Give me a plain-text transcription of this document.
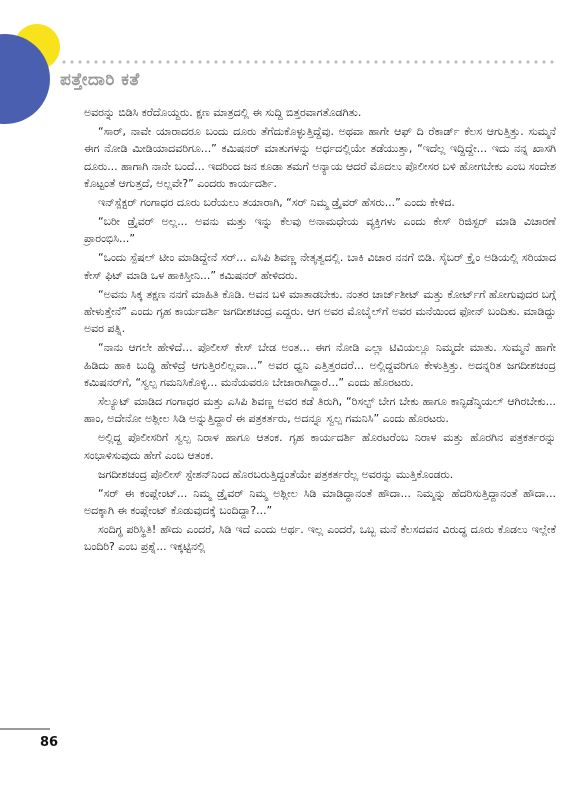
ಪತ್ತೇದಾರಿ ಕತೆ

ಅವರನ್ನು ಬಿಡಿಸಿ ಕರೆದೊಯ್ದರು. ಕ್ಷಣ ಮಾತ್ರದಲ್ಲಿ ಈ ಸುದ್ದಿ ಬಿತ್ತರವಾಗತೊಡಗಿತು.

“ಸಾರ್, ನಾವೇ ಯಾರಾದರೂ ಬಂದು ದೂರು ತೆಗೆದುಕೊಳ್ಳುತ್ತಿದ್ದೆವು. ಅಥವಾ ಹಾಗೇ ಆಫ್ ದಿ ರೆಕಾರ್ಡ್ ಕೆಲಸ ಆಗುತ್ತಿತ್ತು. ಸುಮ್ಮನೆ ಈಗ ನೋಡಿ ಮೀಡಿಯಾದವರಿಗೂ...” ಕಮಿಷನರ್ ಮಾತುಗಳನ್ನು ಅರ್ಧದಲ್ಲಿಯೇ ತಡೆಯುತ್ತಾ, “ಇದೆಲ್ಲ ಇದ್ದಿದ್ದೇ... ಇದು ನನ್ನ ಖಾಸಗಿ ದೂರು... ಹಾಗಾಗಿ ನಾನೇ ಬಂದೆ... ಇದರಿಂದ ಜನ ಕೂಡಾ ತಮಗೆ ಅನ್ಯಾಯ ಆದರೆ ಮೊದಲು ಪೊಲೀಸರ ಬಳಿ ಹೋಗಬೇಕು ಎಂಬ ಸಂದೇಶ ಕೊಟ್ಟಂತೆ ಆಗುತ್ತದೆ, ಅಲ್ಲವೇ?” ಎಂದರು ಕಾರ್ಯದರ್ಶಿ.

ಇನ್‌ಸ್ಪೆಕ್ಟರ್ ಗಂಗಾಧರ ದೂರು ಬರೆಯಲು ತಯಾರಾಗಿ, “ಸರ್ ನಿಮ್ಮ ಡ್ರೈವರ್ ಹೆಸರು...” ಎಂದು ಕೇಳಿದ.

“ಬರೀ ಡ್ರೈವರ್ ಅಲ್ಲ... ಅವನು ಮತ್ತು ಇನ್ನು ಕೆಲವು ಅನಾಮಧೇಯ ವ್ಯಕ್ತಿಗಳು ಎಂದು ಕೇಸ್ ರಿಜಿಸ್ಟರ್ ಮಾಡಿ ವಿಚಾರಣೆ ಪ್ರಾರಂಭಿಸಿ...”

“ಒಂದು ಸ್ಪೆಷಲ್ ಟೀಂ ಮಾಡಿದ್ದೇನೆ ಸರ್... ಎಸಿಪಿ ಶಿವಣ್ಣ ನೇತೃತ್ವದಲ್ಲಿ. ಬಾಕಿ ವಿಚಾರ ನನಗೆ ಬಿಡಿ. ಸೈಬರ್ ಕ್ರೈಂ ಅಡಿಯಲ್ಲಿ ಸರಿಯಾದ ಕೇಸ್ ಫಿಟ್ ಮಾಡಿ ಒಳ ಹಾಕಿಸ್ತೀನಿ...” ಕಮಿಷನರ್ ಹೇಳಿದರು.

“ಅವನು ಸಿಕ್ಕ ತಕ್ಷಣ ನನಗೆ ಮಾಹಿತಿ ಕೊಡಿ. ಅವನ ಬಳಿ ಮಾತಾಡಬೇಕು. ನಂತರ ಚಾರ್ಜ್‌ಶೀಟ್ ಮತ್ತು ಕೋರ್ಟ್‌ಗೆ ಹೋಗುವುದರ ಬಗ್ಗೆ ಹೇಳುತ್ತೇನೆ” ಎಂದು ಗೃಹ ಕಾರ್ಯದರ್ಶಿ ಜಗದೀಶಚಂದ್ರ ಎದ್ದರು. ಆಗ ಅವರ ಮೊಬೈಲ್‌ಗೆ ಅವರ ಮನೆಯಿಂದ ಫೋನ್ ಬಂದಿತು. ಮಾಡಿದ್ದು ಅವರ ಪತ್ನಿ.

“ನಾನು ಆಗಲೇ ಹೇಳಿದೆ... ಪೊಲೀಸ್ ಕೇಸ್ ಬೇಡ ಅಂತ... ಈಗ ನೋಡಿ ಎಲ್ಲಾ ಟಿವಿಯಲ್ಲೂ ನಿಮ್ಮದೇ ಮಾತು. ಸುಮ್ಮನೆ ಹಾಗೇ ಹಿಡಿದು ಹಾಕಿ ಬುದ್ಧಿ ಹೇಳಿದ್ರೆ ಆಗುತ್ತಿರಲಿಲ್ಲವಾ...” ಅವರ ಧ್ವನಿ ಎತ್ತಿತ್ತರದರೆ... ಅಲ್ಲಿದ್ದವರಿಗೂ ಕೇಳುತ್ತಿತ್ತು. ಅದನ್ನರಿತ ಜಗದೀಶಚಂದ್ರ ಕಮಿಷನರ್‌ಗೆ, “ಸ್ವಲ್ಪ ಗಮನಿಸಿಕೊಳ್ಳಿ... ಮನೆಯವರೂ ಬೇಜಾರಾಗಿದ್ದಾರೆ...” ಎಂದು ಹೊರಟರು.

ಸೆಲ್ಯೂಟ್ ಮಾಡಿದ ಗಂಗಾಧರ ಮತ್ತು ಎಸಿಪಿ ಶಿವಣ್ಣ ಅವರ ಕಡೆ ತಿರುಗಿ, “ರಿಸಲ್ಟ್ ಬೇಗ ಬೇಕು ಹಾಗೂ ಕಾನ್ಫಿಡೆನ್ಶಿಯಲ್ ಆಗಿರಬೇಕು... ಹಾಂ, ಅದೇನೋ ಅಶ್ಲೀಲ ಸಿಡಿ ಅನ್ನುತ್ತಿದ್ದಾರೆ ಈ ಪತ್ರಕರ್ತರು, ಅದನ್ನೂ ಸ್ವಲ್ಪ ಗಮನಿಸಿ” ಎಂದು ಹೊರಟರು.

ಅಲ್ಲಿದ್ದ ಪೊಲೀಸರಿಗೆ ಸ್ವಲ್ಪ ನಿರಾಳ ಹಾಗೂ ಆತಂಕ. ಗೃಹ ಕಾರ್ಯದರ್ಶಿ ಹೊರಟರೆಂಬ ನಿರಾಳ ಮತ್ತು ಹೊರಗಿನ ಪತ್ರಕರ್ತರನ್ನು ಸಂಭಾಳಿಸುವುದು ಹೇಗೆ ಎಂಬ ಆತಂಕ.

ಜಗದೀಶಚಂದ್ರ ಪೊಲೀಸ್ ಸ್ಟೇಶನ್‌ನಿಂದ ಹೊರಬರುತ್ತಿದ್ದಂತೆಯೇ ಪತ್ರಕರ್ತರೆಲ್ಲ ಅವರನ್ನು ಮುತ್ತಿಕೊಂಡರು.

“ಸರ್ ಈ ಕಂಪ್ಲೇಂಟ್... ನಿಮ್ಮ ಡ್ರೈವರ್ ನಿಮ್ಮ ಅಶ್ಲೀಲ ಸಿಡಿ ಮಾಡಿದ್ದಾನಂತೆ ಹೌದಾ... ನಿಮ್ಮನ್ನು ಹೆದರಿಸುತ್ತಿದ್ದಾನಂತೆ ಹೌದಾ... ಅದಕ್ಕಾಗಿ ಈ ಕಂಪ್ಲೇಂಟ್ ಕೊಡುವುದಕ್ಕೆ ಬಂದಿದ್ದಾ?...”

ಸಂದಿಗ್ಧ ಪರಿಸ್ಥಿತಿ! ಹೌದು ಎಂದರೆ, ಸಿಡಿ ಇದೆ ಎಂದು ಅರ್ಥ. ಇಲ್ಲ ಎಂದರೆ, ಒಬ್ಬ ಮನೆ ಕೆಲಸದವನ ವಿರುದ್ಧ ದೂರು ಕೊಡಲು ಇಲ್ಲೇಕೆ ಬಂದಿರಿ? ಎಂಬ ಪ್ರಶ್ನೆ... ಇಕ್ಕಟ್ಟಿನಲ್ಲಿ

86
